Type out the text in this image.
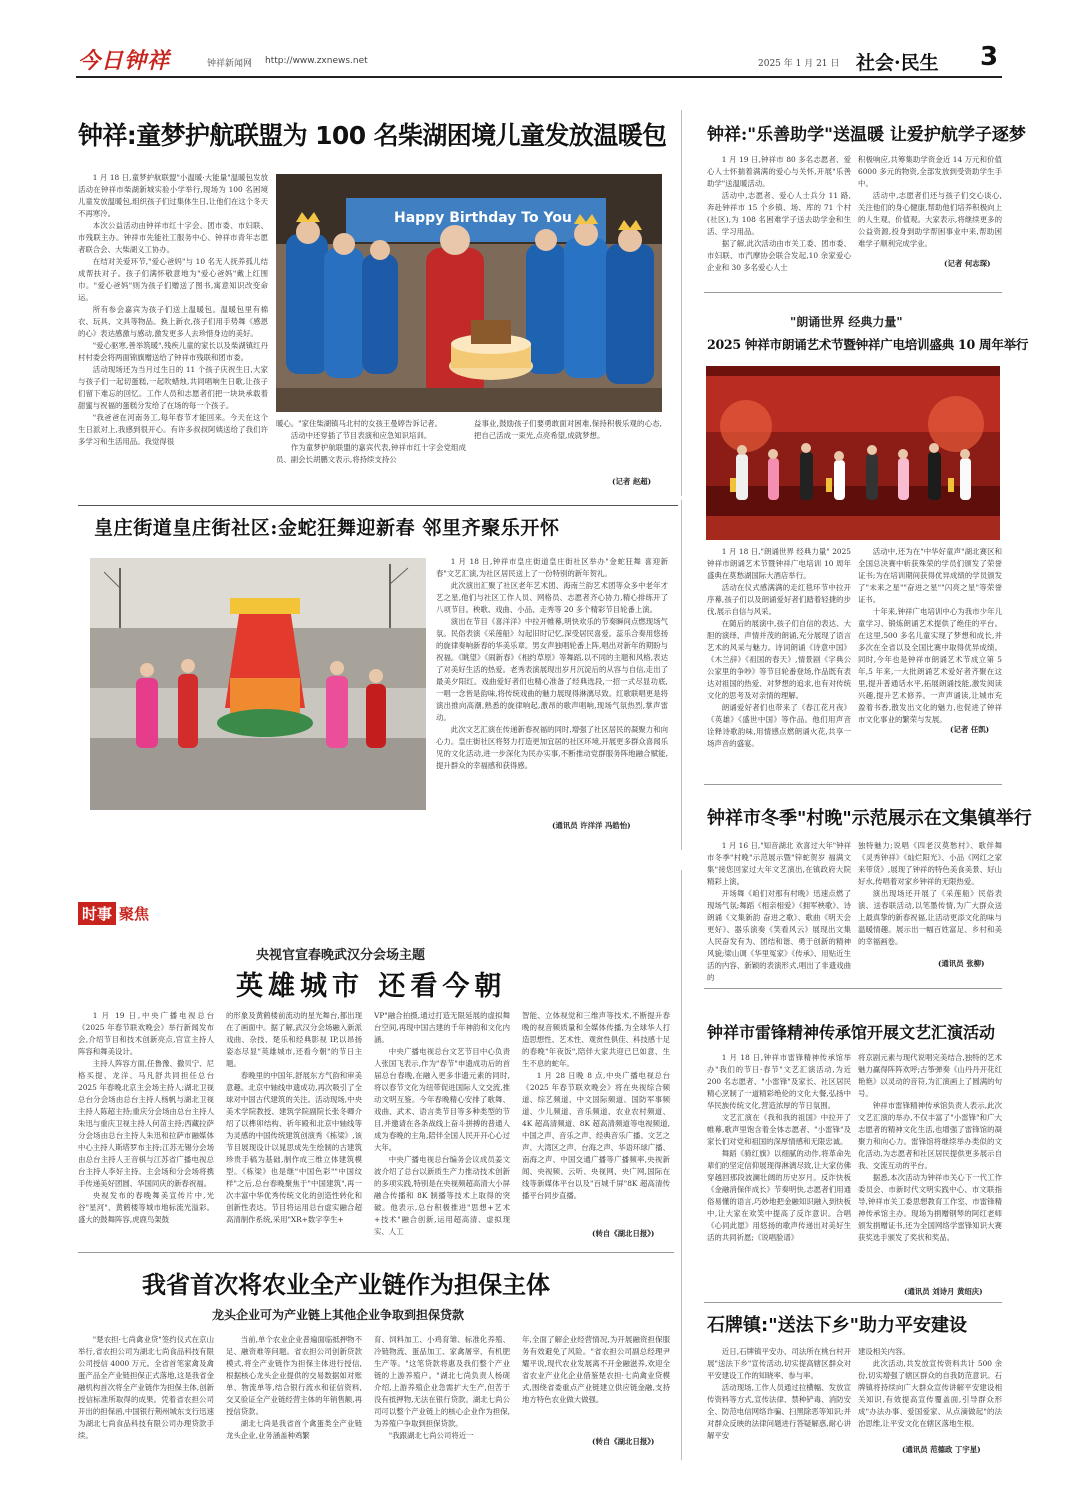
今日钟祥	钟祥新闻网 http://www.zxnews.net	2025 年 1 月 21 日 社会·民生 3
钟祥:童梦护航联盟为 100 名柴湖困境儿童发放温暖包

1 月 18 日,童梦护航联盟"小温暖·大能量"温暖包发放活动在钟祥市柴湖新城实验小学举行,现场为 100 名困境儿童发放温暖包,组织孩子们过集体生日,让他们在这个冬天不再寒冷。

本次公益活动由钟祥市红十字会、团市委、市妇联、市残联主办。钟祥市先能社工服务中心、钟祥市青年志愿者联合会、大柴湖义工协办。

在结对关爱环节,"爱心爸妈"与 10 名无人抚养孤儿结成帮扶对子。孩子们满怀敬意地为"爱心爸妈"戴上红围巾。"爱心爸妈"则为孩子们赠送了图书,寓意知识改变命运。

所有参会嘉宾为孩子们送上温暖包。温暖包里有棉衣、玩具、文具等物品。换上新衣,孩子们用手势舞《感恩的心》表达感激与感动,激发更多人去珍惜身边的美好。

"爱心驱寒,善举筑暖",残疾儿童的家长以及柴湖镇红丹村村委会将两面锦旗赠送给了钟祥市残联和团市委。

活动现场还为当月过生日的 11 个孩子庆祝生日,大家与孩子们一起切蛋糕,一起吹蜡烛,共同唱响生日歌,让孩子们留下难忘的回忆。工作人员和志愿者们把一块块承载着甜蜜与祝福的蛋糕分发给了在场的每一个孩子。

"我爸爸在河南务工,每年春节才能回来。今天在这个生日派对上,我感到很开心。有许多叔叔阿姨送给了我们许多学习和生活用品。我觉得很

Happy Birthday To You

暖心。"家住柴湖镇马北村的女孩王曼婷告诉记者。

活动中还穿插了节目表演和应急知识培训。

作为童梦护航联盟的嘉宾代表,钟祥市红十字会党组成员、副会长胡鹏文表示,将持续支持公

益事业,鼓励孩子们要勇敢面对困难,保持积极乐观的心态,把自己活成一束光,点亮希望,成就梦想。

(记者 赵超)
钟祥:"乐善助学"送温暖 让爱护航学子逐梦

1 月 19 日,钟祥市 80 多名志愿者、爱心人士怀揣着满满的爱心与关怀,开展"乐善助学"送温暖活动。

活动中,志愿者、爱心人士兵分 11 路,奔赴钟祥市 15 个乡镇、场、库的 71 个村(社区),为 108 名困难学子送去助学金和生活、学习用品。

据了解,此次活动由市关工委、团市委、市妇联、市汽摩协会联合发起,10 余家爱心企业和 30 多名爱心人士

积极响应,共筹集助学资金近 14 万元和价值 6000 多元的物资,全部发放到受资助学生手中。

活动中,志愿者们还与孩子们交心谈心,关注他们的身心健康,帮助他们培养积极向上的人生观、价值观。大家表示,将继续更多的公益资源,投身到助学帮困事业中来,帮助困难学子顺利完成学业。

(记者 何志琛)
"朗诵世界 经典力量"
2025 钟祥市朗诵艺术节暨钟祥广电培训盛典 10 周年举行

1 月 18 日,"朗诵世界 经典力量" 2025 钟祥市朗诵艺术节暨钟祥广电培训 10 周年盛典在莫愁湖国际大酒店举行。

活动在仪式感满满的走红毯环节中拉开序幕,孩子们以及朗诵爱好者们踏着轻捷的步伐,展示自信与风采。

在随后的展演中,孩子们自信的表达、大胆的演绎、声情并茂的朗诵,充分展现了语言艺术的风采与魅力。诗词朗诵《诗意中国》《木兰辞》《祖国的春天》,情景剧《字典公公家里的争吵》等节目轮番登场,作品既有表达对祖国的热爱、对梦想的追求,也有对传统文化的思考及对亲情的理解。

朗诵爱好者们也带来了《春江花月夜》《英雄》《盛世中国》等作品。他们用声音诠释诗歌韵味,用情感点燃朗诵火花,共享一场声音的盛宴。

活动中,还为在"中华好童声"湖北赛区和全国总决赛中斩获殊荣的学员们颁发了荣誉证书;为在培训期间获得优异成绩的学员颁发了"未来之星""奋进之星""闪亮之星"等荣誉证书。

十年来,钟祥广电培训中心为我市少年儿童学习、锻炼朗诵艺术提供了绝佳的平台。在这里,500 多名儿童实现了梦想和成长,并多次在全省以及全国比赛中取得优异成绩。同时,今年也是钟祥市朗诵艺术节成立第 5 年,5 年来,一大批朗诵艺术爱好者齐聚在这里,提升普通话水平,拓展朗诵技能,激发阅读兴趣,提升艺术修养。一声声诵读,让城市充盈着书香,散发出文化的魅力,也促进了钟祥市文化事业的繁荣与发展。

(记者 任凯)
皇庄街道皇庄街社区:金蛇狂舞迎新春 邻里齐聚乐开怀

1 月 18 日,钟祥市皇庄街道皇庄街社区举办"金蛇狂舞 喜迎新春"文艺汇演,为社区居民送上了一份特别的新年贺礼。

此次演出汇聚了社区老年艺术团、海南兰韵艺术团等众多中老年才艺之星,他们与社区工作人员、网格员、志愿者齐心协力,精心排练开了八项节目。秧歌、戏曲、小品、走秀等 20 多个精彩节目轮番上演。

演出在节目《喜洋洋》中拉开帷幕,明快欢乐的节奏瞬间点燃现场气氛。民俗表演《采莲船》勾起旧时记忆,深受居民喜爱。蕊乐合奏用悠扬的旋律奏响新春的华美乐章。男女声独唱轮番上阵,唱出对新年的期盼与祝福。《眺望》《闹新春》《相约草原》等舞蹈,以不同的主题和风格,表达了对美好生活的热爱。老秀表演展现出岁月沉淀后的从容与自信,走出了最美夕阳红。戏曲爱好者们也精心准备了经典选段,一招一式尽显功底,一唱一念皆是韵味,将传统戏曲的魅力展现得淋漓尽致。红歌联唱更是将演出推向高潮,熟悉的旋律响起,激昂的歌声唱响,现场气氛热烈,掌声雷动。

此次文艺汇演在传递新春祝福的同时,增强了社区居民的凝聚力和向心力。皇庄街社区将努力打造更加宜居的社区环境,开展更多群众喜闻乐见的文化活动,进一步深化为民办实事,不断推动党群服务阵地融合赋能,提升群众的幸福感和获得感。

(通讯员 许洋洋 冯皓怡)	钟祥市冬季"村晚"示范展示在文集镇举行

1 月 16 日,"知音湖北 欢喜过大年"钟祥市冬季"村晚"示范展示暨"锌蛇贺岁 福满文集"接您回家过大年文艺演出,在镇政府大院精彩上演。

开场舞《咱们对那有村晚》迅速点燃了现场气氛;舞蹈《相亲相爱》《拥军秧歌》、诗朗诵《文集新韵 奋进之歌》、歌曲《明天会更好》、器乐演奏《笑看风云》展现出文集人民奋发有为、团结和谐、勇于创新的精神风貌;梁山调《华里冤家》《传承》、用贴近生活的内容、新颖的表演形式,唱出了非遗戏曲的

独特魅力;说唱《四老汉莫愁村》、歌伴舞《灵秀钟祥》《灿烂阳光》、小品《网红之家来带货》,展现了钟祥的特色美食美景、好山好水,传唱着对家乡钟祥的无限热爱。

演出现场还开展了《采莲船》民俗表演、送春联活动,以笔墨传情,为广大群众送上最真挚的新春祝福,让活动更添文化韵味与温暖情趣。展示出一幅百姓富足、乡村和美的幸福画卷。

(通讯员 张柳)
钟祥市雷锋精神传承馆开展文艺汇演活动

1 月 18 日,钟祥市雷锋精神传承馆举办"我们的节日·春节"文艺汇演活动,为近 200 名志愿者、"小雷锋"及家长、社区居民精心烹制了一道精彩绝伦的文化大餐,弘扬中华民族传统文化,营造浓厚的节日氛围。

文艺汇演在《我和我的祖国》中拉开了帷幕,歌声里饱含着全体志愿者、"小雷锋"及家长们对党和祖国的深厚情感和无限忠诚。

舞蹈《骑红旗》以细腻的动作,将革命先辈们的坚定信仰展现得淋漓尽致,让大家仿佛穿越回那段波澜壮阔的历史岁月。反诈快板《金融消保伴成长》节奏明快,志愿者们用通俗易懂的语言,巧妙地把金融知识融入到快板中,让大家在欢笑中提高了反诈意识。合唱《心同此愿》用悠扬的歌声传递出对美好生活的共同祈愿;《说唱脸谱》

将京剧元素与现代说唱完美结合,独特的艺术魅力赢得阵阵欢呼;古筝弹奏《山丹丹开花红艳艳》以灵动的音符,为汇演画上了圆满的句号。

钟祥市雷锋精神传承馆负责人表示,此次文艺汇演的举办,不仅丰富了"小雷锋"和广大志愿者的精神文化生活,也增强了雷锋馆的凝聚力和向心力。雷锋馆将继续举办类似的文化活动,为志愿者和社区居民提供更多展示自我、交流互动的平台。

据悉,本次活动为钟祥市关心下一代工作委员会、市新时代文明实践中心、市文联指导,钟祥市关工委思想教育工作室、市雷锋精神传承馆主办。现场为捐赠钢琴的阿红老师颁发捐赠证书,还为全国网络学雷锋知识大赛获奖选手颁发了奖状和奖品。

(通讯员 刘诗月 黄绍庆)
石牌镇:"送法下乡"助力平安建设

近日,石牌镇平安办、司法所在桃台村开展"送法下乡"宣传活动,切实提高辖区群众对平安建设工作的知晓率、参与率。

活动现场,工作人员通过拉横幅、发放宣传资料等方式,宣传法律、禁种铲毒、消防安全、防范电信网络诈骗、扫黑除恶等知识;并对群众反映的法律问题进行答疑解惑,耐心讲解平安

建设相关内容。

此次活动,共发放宣传资料共计 500 余份,切实增强了辖区群众的自我防范意识。石牌镇将持续向广大群众宣传讲解平安建设相关知识,有效提高宣传覆盖面,引导群众形成"办法办事、爱国爱家、从点滴做起"的法治思维,让平安文化在辖区落地生根。

(通讯员 范德政 丁宇星)
时事 聚焦
央视官宣春晚武汉分会场主题
英雄城市 还看今朝

1 月 19 日,中央广播电视总台《2025 年春节联欢晚会》举行新闻发布会,介绍节目和技术创新亮点,官宣主持人阵容和舞美设计。

主持人阵容方面,任鲁豫、撒贝宁、尼格买提、龙洋、马凡舒共同担任总台 2025 年春晚北京主会场主持人;湖北卫视总台分会场由总台主持人杨帆与湖北卫视主持人陈超主持;重庆分会场由总台主持人朱迅与重庆卫视主持人何苗主持;西藏拉萨分会场由总台主持人朱迅和拉萨市融媒体中心主持人斯塔罗布主持;江苏无锡分会场由总台主持人王音棋与江苏省广播电视总台主持人李好主持。主会场和分会场将携手传递美好团圆、华国同庆的新春祝福。

央视发布的春晚舞美宣传片中,光谷"星河"、黄鹤楼等城市地标流光溢彩。盛大的鼓舞阵容,虎鹿鸟架鼓

的形象及黄鹤楼前流动的星光舞台,都出现在了画面中。据了解,武汉分会场融入新派戏曲、杂技、楚乐和经典影视 IP,以昂扬姿态尽显"英雄城市,还看今朝"的节日主题。

春晚里的中国年,舒展东方气韵和审美意趣。北京中轴线申遗成功,再次吸引了全球对中国古代建筑的关注。活动现场,中央美术学院教授、建筑学院副院长张冬卿介绍了以榫卯结构、祈年殿和北京中轴线等为灵感的中国传统建筑创演秀《栋梁》,该节目展现设计以晁思成先生绘制的古建筑珍贵手稿为基础,制作成三维立体建筑模型。《栋梁》也是继"中国色彩""中国纹样"之后,总台春晚聚焦于"中国建筑",再一次丰富中华优秀传统文化的创造性转化和创新性表达。节目将运用总台虚实融合超高清制作系统,采用"XR+数字孪生+

VP"融合拍摄,通过打造无限延展的虚拟舞台空间,再现中国古建的千年神韵和文化内涵。

中央广播电视总台文艺节目中心负责人张国飞表示,作为"春节"申遗成功后的首届总台春晚,在融入更多非遗元素的同时,将以春节文化为纽带促进国际人文交流,推动文明互鉴。今年春晚精心安排了歌舞、戏曲、武术、语言类节目等多种类型的节目,并邀请在各条战线上奋斗拼搏的普通人成为春晚的主角,陪伴全国人民开开心心过大年。

中央广播电视总台编务会议成员姜文波介绍了总台以新质生产力推动技术创新的多项实践,特别是在央视频超高清大小屏融合传播和 8K 制播等技术上取得的突破。他表示,总台积极推进"思想+艺术+技术"融合创新,运用超高清、虚拟现实、人工

智能、立体视觉和三维声等技术,不断提升春晚的视音频质量和全媒体传播,为全球华人打造思想性、艺术性、观赏性俱佳、科技感十足的春晚"年夜饭",陪伴大家共迎已巳如意、生生不息的蛇年。

1 月 28 日晚 8 点,中央广播电视总台《2025 年春节联欢晚会》将在央视综合频道、综艺频道、中文国际频道、国防军事频道、少儿频道、音乐频道、农业农村频道、4K 超高清频道、8K 超高清频道等电视频道,中国之声、音乐之声、经典音乐广播、文艺之声、大湾区之声、台海之声、华语环球广播、南海之声、中国交通广播等广播频率,央视新闻、央视频、云听、央视网、央广网,国际在线等新媒体平台以及"百城千屏"8K 超高清传播平台同步直播。

(转自《湖北日报》)
我省首次将农业全产业链作为担保主体
龙头企业可为产业链上其他企业争取到担保贷款

"楚农担·七尚禽业贷"签约仪式在京山举行,省农担公司为湖北七尚食品科技有限公司授信 4000 万元。全省首笔家禽及禽蛋产品全产业链担保正式落地,这是我省金融机构首次将全产业链作为担保主体,创新授信标准所取得的成果。凭着省农担公司开出的担保函,中国银行荆州城东支行迅速为湖北七尚食品科技有限公司办理贷款手续。

当前,单个农业企业普遍面临抵押物不足、融资难等问题。省农担公司创新贷款模式,将全产业链作为担保主体进行授信,根据核心龙头企业提供的交易数据如对账单、物流单等,结合银行流水和征信资料,交叉验证全产业链经营主体的年销售额,再授信贷款。

湖北七尚是我省首个禽蛋类全产业链龙头企业,业务涵盖种鸡繁

育、饲料加工、小鸡育雏、标准化养殖、冷链物流、蛋品加工、家禽屠宰、有机肥生产等。"这笔贷款将惠及我们整个产业链的上游养殖户。"湖北七尚负责人杨砚介绍,上游养殖企业急需扩大生产,但苦于没有抵押物,无法在银行贷款。湖北七尚公司可以整个产业链上的核心企业作为担保,为养殖户争取到担保贷款。

"我跟湖北七尚公司将近一

年,全面了解企业经营情况,为开展融资担保服务有效避免了风险。"省农担公司副总经理尹耀平说,现代农业发展离不开金融滋养,欢迎全省农业产业化企业借鉴楚农担·七尚禽业贷模式,围绕省委重点产业链建立供应链金融,支持地方特色农业做大做强。

(转自《湖北日报》)
